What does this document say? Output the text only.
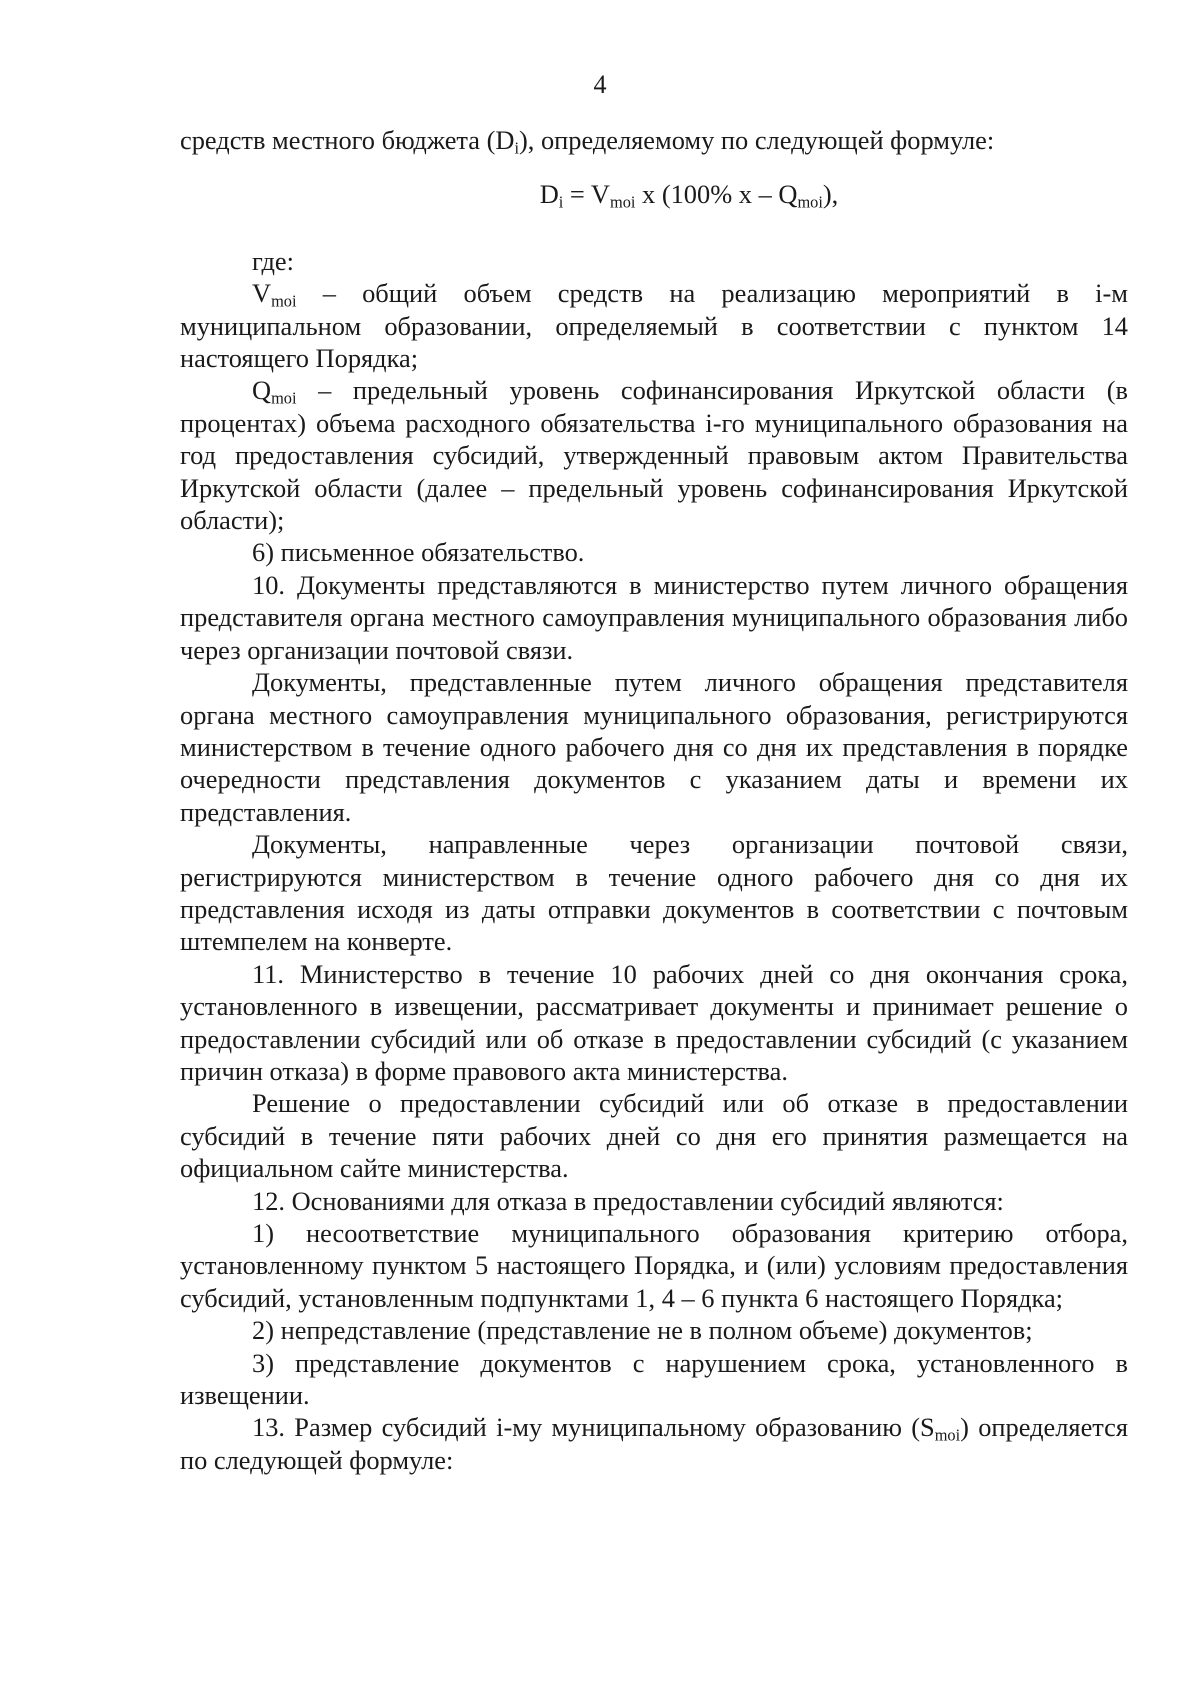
4

средств местного бюджета $(D_i)$, определяемому по следующей формуле:

$D_i = V_{moi}$ x (100% x – $Q_{moi}$),

где:

$V_{moi}$ – общий объем средств на реализацию мероприятий в i-м муниципальном образовании, определяемый в соответствии с пунктом 14 настоящего Порядка;

$Q_{moi}$ – предельный уровень софинансирования Иркутской области (в процентах) объема расходного обязательства i-го муниципального образования на год предоставления субсидий, утвержденный правовым актом Правительства Иркутской области (далее – предельный уровень софинансирования Иркутской области);

6) письменное обязательство.

10. Документы представляются в министерство путем личного обращения представителя органа местного самоуправления муниципального образования либо через организации почтовой связи.

Документы, представленные путем личного обращения представителя органа местного самоуправления муниципального образования, регистрируются министерством в течение одного рабочего дня со дня их представления в порядке очередности представления документов с указанием даты и времени их представления.

Документы, направленные через организации почтовой связи, регистрируются министерством в течение одного рабочего дня со дня их представления исходя из даты отправки документов в соответствии с почтовым штемпелем на конверте.

11. Министерство в течение 10 рабочих дней со дня окончания срока, установленного в извещении, рассматривает документы и принимает решение о предоставлении субсидий или об отказе в предоставлении субсидий (с указанием причин отказа) в форме правового акта министерства.

Решение о предоставлении субсидий или об отказе в предоставлении субсидий в течение пяти рабочих дней со дня его принятия размещается на официальном сайте министерства.

12. Основаниями для отказа в предоставлении субсидий являются:

1) несоответствие муниципального образования критерию отбора, установленному пунктом 5 настоящего Порядка, и (или) условиям предоставления субсидий, установленным подпунктами 1, 4 – 6 пункта 6 настоящего Порядка;

2) непредставление (представление не в полном объеме) документов;

3) представление документов с нарушением срока, установленного в извещении.

13. Размер субсидий i-му муниципальному образованию $(S_{moi})$ определяется по следующей формуле:
